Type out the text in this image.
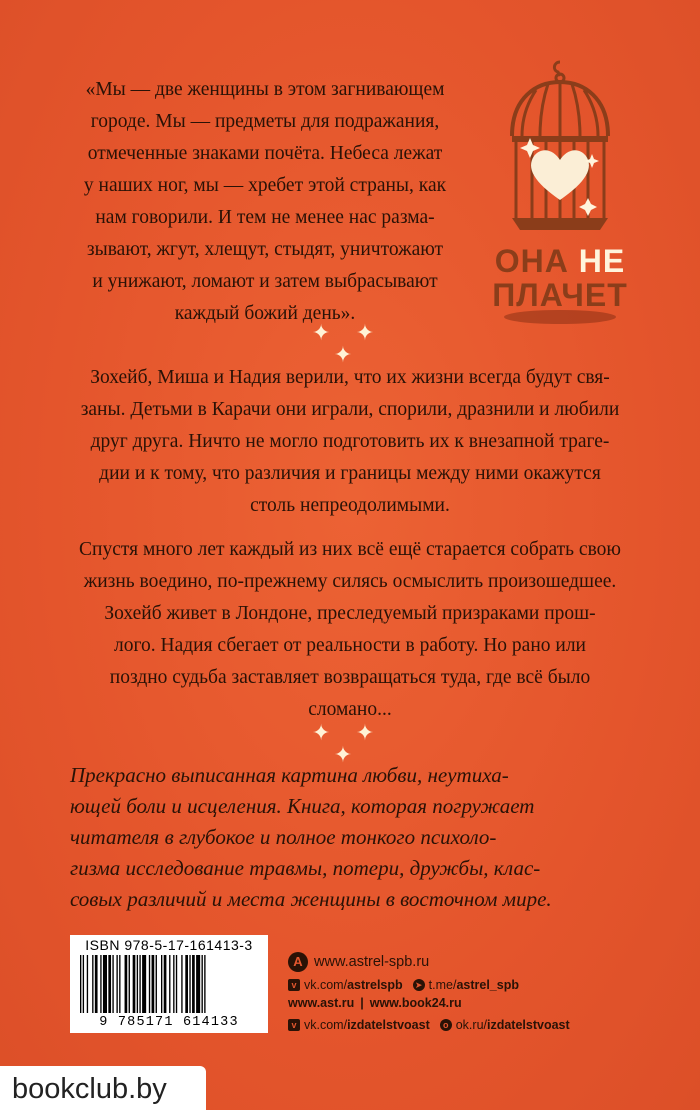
«Мы — две женщины в этом загнивающем
городе. Мы — предметы для подражания,
отмеченные знаками почёта. Небеса лежат
у наших ног, мы — хребет этой страны, как
нам говорили. И тем не менее нас разма-
зывают, жгут, хлещут, стыдят, уничтожают
и унижают, ломают и затем выбрасывают
каждый божий день».
ОНА НЕ
ПЛАЧЕТ
✦ ✦ ✦
Зохейб, Миша и Надия верили, что их жизни всегда будут свя-
заны. Детьми в Карачи они играли, спорили, дразнили и любили
друг друга. Ничто не могло подготовить их к внезапной траге-
дии и к тому, что различия и границы между ними окажутся
столь непреодолимыми.
Спустя много лет каждый из них всё ещё старается собрать свою
жизнь воедино, по-прежнему силясь осмыслить произошедшее.
Зохейб живет в Лондоне, преследуемый призраками прош-
лого. Надия сбегает от реальности в работу. Но рано или
поздно судьба заставляет возвращаться туда, где всё было
сломано...
✦ ✦ ✦
Прекрасно выписанная картина любви, неутиха-
ющей боли и исцеления. Книга, которая погружает
читателя в глубокое и полное тонкого психоло-
гизма исследование травмы, потери, дружбы, клас-
совых различий и места женщины в восточном мире.
ISBN 978-5-17-161413-3
9 785171 614133
A www.astrel-spb.ru
v vk.com/ astrelspb ➤ t.me/ astrel_spb
www.ast.ru | www.book24.ru
v vk.com/ izdatelstvoast	o ok.ru/ izdatelstvoast
bookclub.by
